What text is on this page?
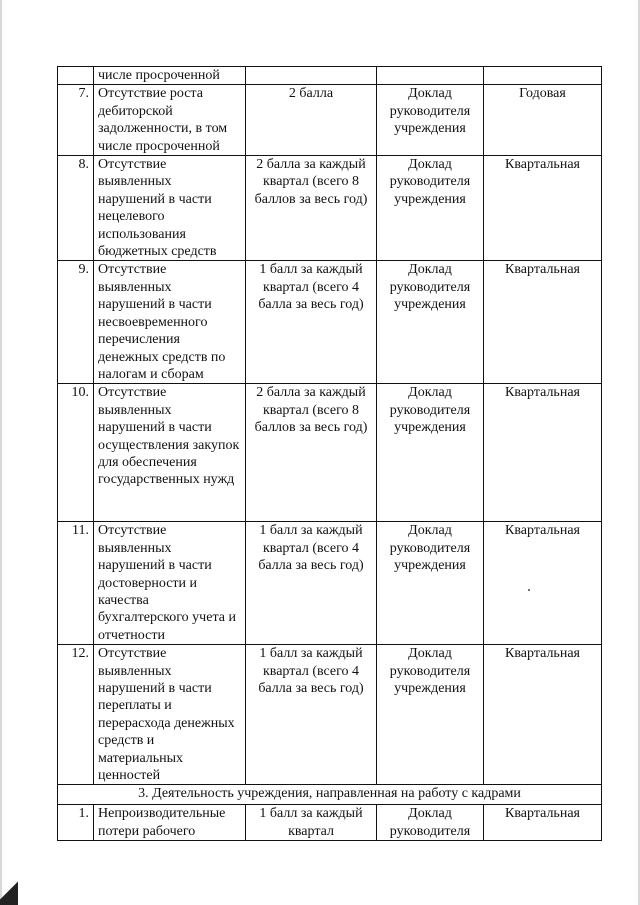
	числе просроченной			
7.	Отсутствие роста дебиторской задолженности, в том числе просроченной	2 балла	Доклад руководителя учреждения	Годовая
8.	Отсутствие выявленных нарушений в части нецелевого использования бюджетных средств	2 балла за каждый квартал (всего 8 баллов за весь год)	Доклад руководителя учреждения	Квартальная
9.	Отсутствие выявленных нарушений в части несвоевременного перечисления денежных средств по налогам и сборам	1 балл за каждый квартал (всего 4 балла за весь год)	Доклад руководителя учреждения	Квартальная
10.	Отсутствие выявленных нарушений в части осуществления закупок для обеспечения государственных нужд	2 балла за каждый квартал (всего 8 баллов за весь год)	Доклад руководителя учреждения	Квартальная
11.	Отсутствие выявленных нарушений в части достоверности и качества бухгалтерского учета и отчетности	1 балл за каждый квартал (всего 4 балла за весь год)	Доклад руководителя учреждения	Квартальная
12.	Отсутствие выявленных нарушений в части переплаты и перерасхода денежных средств и материальных ценностей	1 балл за каждый квартал (всего 4 балла за весь год)	Доклад руководителя учреждения	Квартальная
3. Деятельность учреждения, направленная на работу с кадрами				
1.	Непроизводительные потери рабочего	1 балл за каждый квартал	Доклад руководителя	Квартальная
